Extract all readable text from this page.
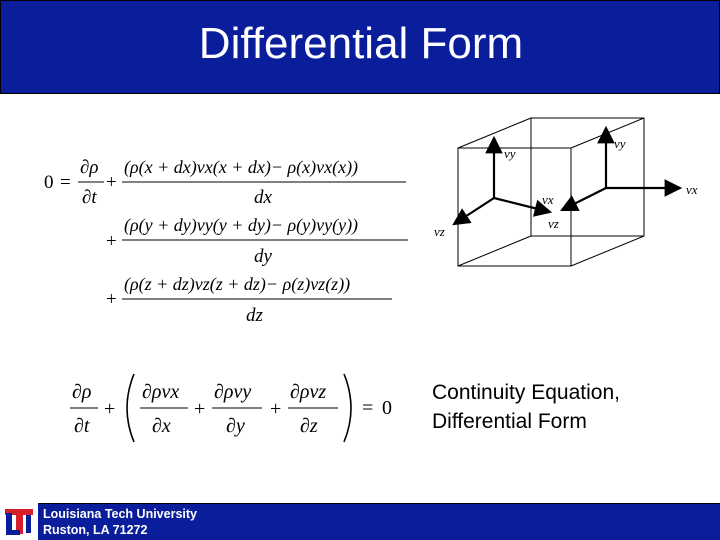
Differential Form
0 =
∂ρ
∂t
+
(ρ(x + dx)vx(x + dx)− ρ(x)vx(x))
dx
+
(ρ(y + dy)vy(y + dy)− ρ(y)vy(y))
dy
+
(ρ(z + dz)vz(z + dz)− ρ(z)vz(z))
dz
∂ρ
∂t
+
∂ρvx
∂x
+
∂ρvy
∂y
+
∂ρvz
∂z
= 0
vy
vy
vx
vx
vz
vz
Continuity Equation,
Differential Form
Louisiana Tech University
Ruston, LA 71272
